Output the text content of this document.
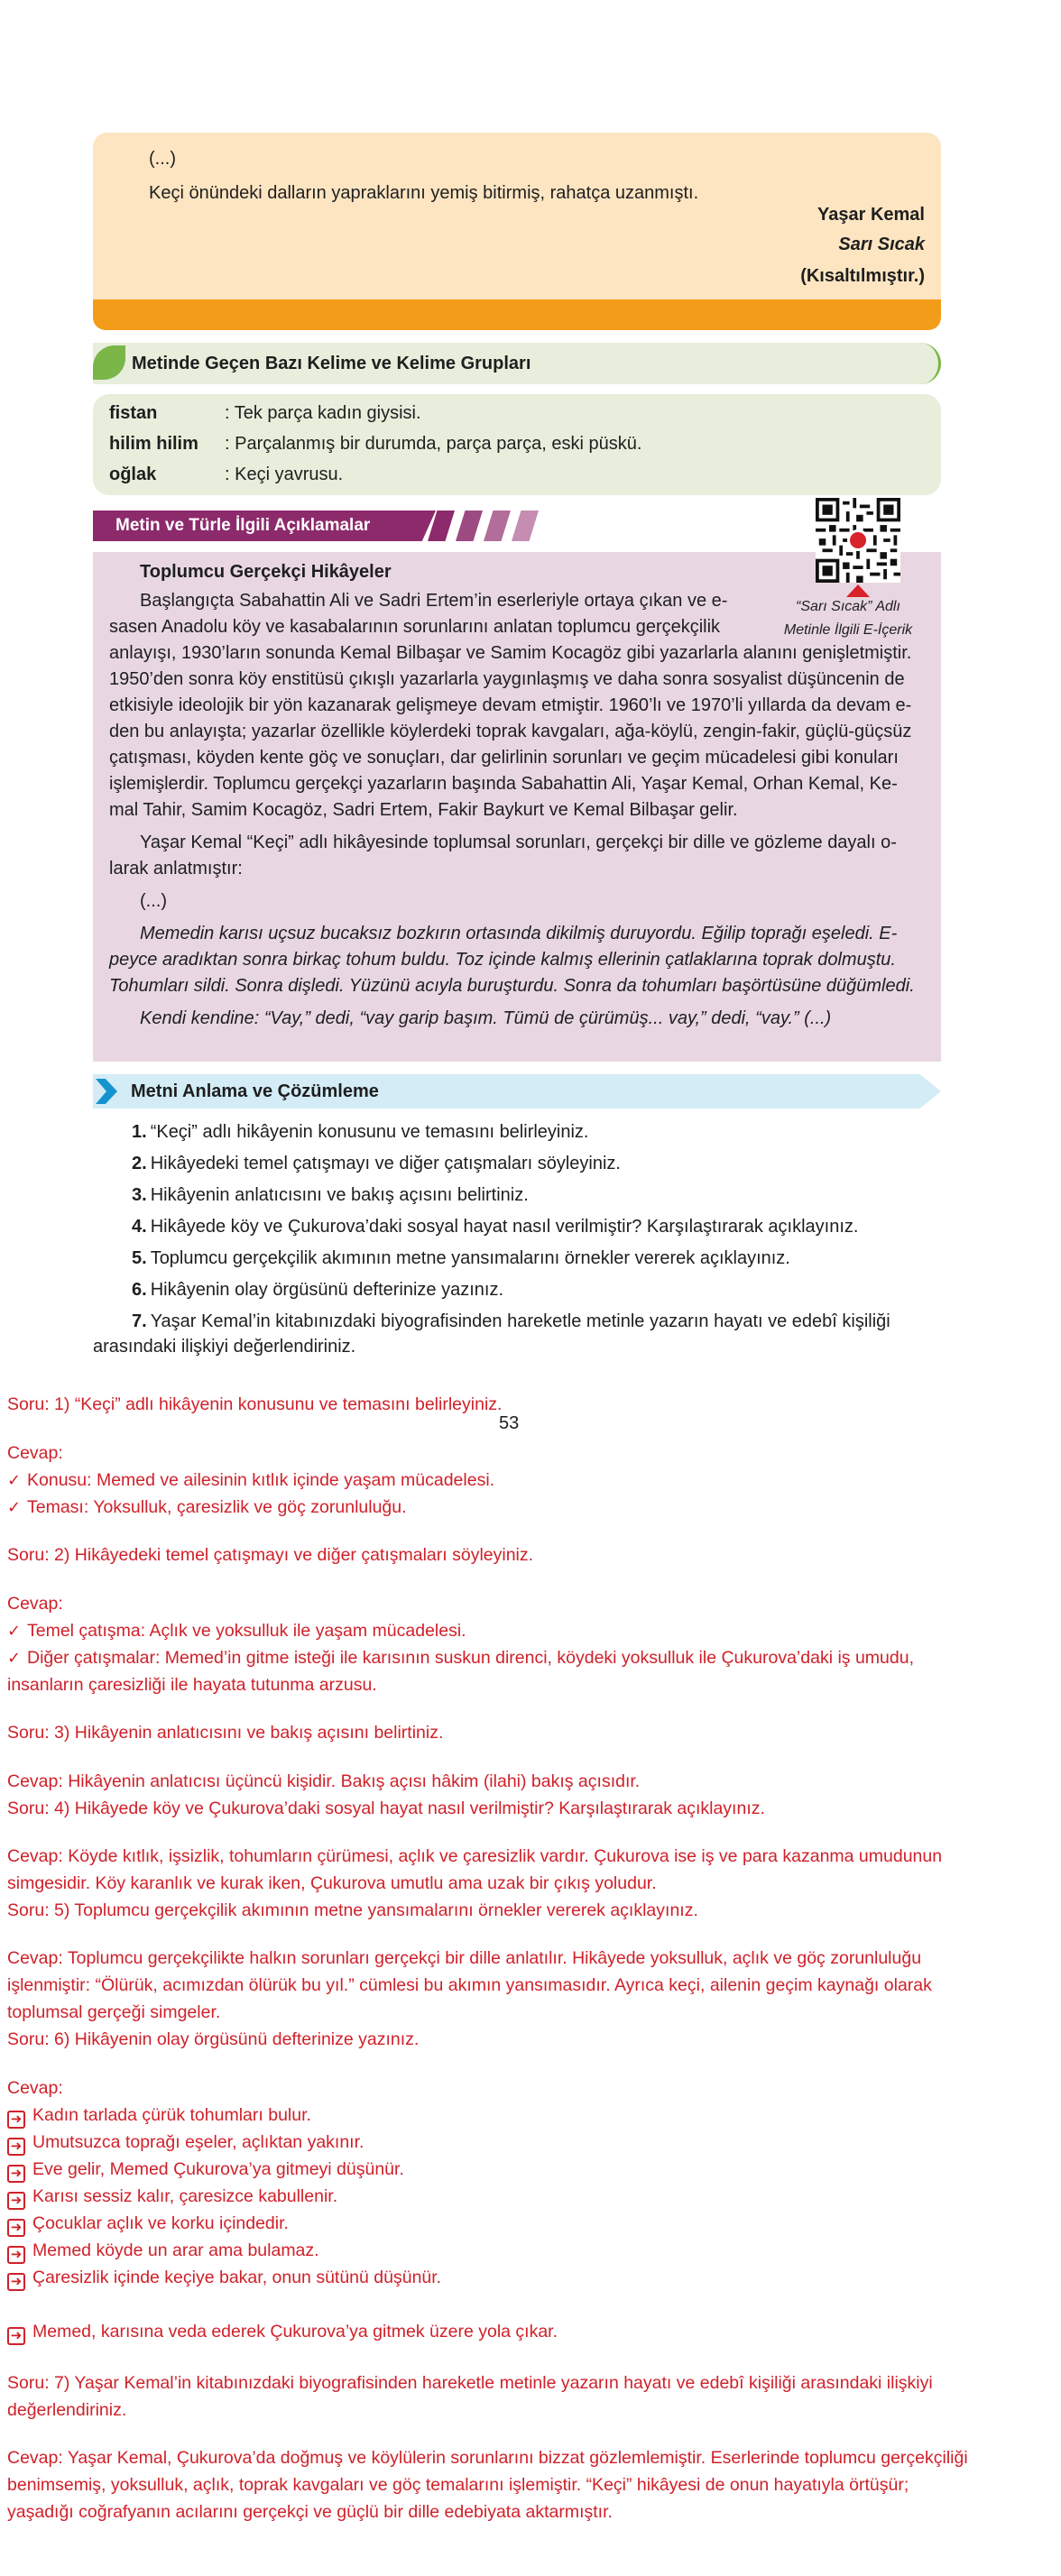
(...)
Keçi önündeki dalların yapraklarını yemiş bitirmiş, rahatça uzanmıştı.
Yaşar Kemal
Sarı Sıcak
(Kısaltılmıştır.)
Metinde Geçen Bazı Kelime ve Kelime Grupları
fistan	: Tek parça kadın giysisi.
hilim hilim : Parçalanmış bir durumda, parça parça, eski püskü.
oğlak	: Keçi yavrusu.
Toplumcu Gerçekçi Hikâyeler
Başlangıçta Sabahattin Ali ve Sadri Ertem’in eserleriyle ortaya çıkan ve e-
sasen Anadolu köy ve kasabalarının sorunlarını anlatan toplumcu gerçekçilik
anlayışı, 1930’ların sonunda Kemal Bilbaşar ve Samim Kocagöz gibi yazarlarla alanını genişletmiştir.
1950’den sonra köy enstitüsü çıkışlı yazarlarla yaygınlaşmış ve daha sonra sosyalist düşüncenin de
etkisiyle ideolojik bir yön kazanarak gelişmeye devam etmiştir. 1960’lı ve 1970’li yıllarda da devam e-
den bu anlayışta; yazarlar özellikle köylerdeki toprak kavgaları, ağa-köylü, zengin-fakir, güçlü-güçsüz
çatışması, köyden kente göç ve sonuçları, dar gelirlinin sorunları ve geçim mücadelesi gibi konuları
işlemişlerdir. Toplumcu gerçekçi yazarların başında Sabahattin Ali, Yaşar Kemal, Orhan Kemal, Ke-
mal Tahir, Samim Kocagöz, Sadri Ertem, Fakir Baykurt ve Kemal Bilbaşar gelir.
Yaşar Kemal “Keçi” adlı hikâyesinde toplumsal sorunları, gerçekçi bir dille ve gözleme dayalı o-
larak anlatmıştır:
(...)
Memedin karısı uçsuz bucaksız bozkırın ortasında dikilmiş duruyordu. Eğilip toprağı eşeledi. E-
peyce aradıktan sonra birkaç tohum buldu. Toz içinde kalmış ellerinin çatlaklarına toprak dolmuştu.
Tohumları sildi. Sonra dişledi. Yüzünü acıyla buruşturdu. Sonra da tohumları başörtüsüne düğümledi.
Kendi kendine: “Vay,” dedi, “vay garip başım. Tümü de çürümüş... vay,” dedi, “vay.” (...)
Metin ve Türle İlgili Açıklamalar
“Sarı Sıcak” Adlı
Metinle İlgili E-İçerik
Metni Anlama ve Çözümleme
1. “Keçi” adlı hikâyenin konusunu ve temasını belirleyiniz.
2. Hikâyedeki temel çatışmayı ve diğer çatışmaları söyleyiniz.
3. Hikâyenin anlatıcısını ve bakış açısını belirtiniz.
4. Hikâyede köy ve Çukurova’daki sosyal hayat nasıl verilmiştir? Karşılaştırarak açıklayınız.
5. Toplumcu gerçekçilik akımının metne yansımalarını örnekler vererek açıklayınız.
6. Hikâyenin olay örgüsünü defterinize yazınız.
7. Yaşar Kemal’in kitabınızdaki biyografisinden hareketle metinle yazarın hayatı ve edebî kişiliği
arasındaki ilişkiyi değerlendiriniz.
Soru: 1) “Keçi” adlı hikâyenin konusunu ve temasını belirleyiniz.
53
Cevap:
✓ Konusu: Memed ve ailesinin kıtlık içinde yaşam mücadelesi.
✓ Teması: Yoksulluk, çaresizlik ve göç zorunluluğu.
Soru: 2) Hikâyedeki temel çatışmayı ve diğer çatışmaları söyleyiniz.
Cevap:
✓ Temel çatışma: Açlık ve yoksulluk ile yaşam mücadelesi.
✓ Diğer çatışmalar: Memed’in gitme isteği ile karısının suskun direnci, köydeki yoksulluk ile Çukurova’daki iş umudu,
insanların çaresizliği ile hayata tutunma arzusu.
Soru: 3) Hikâyenin anlatıcısını ve bakış açısını belirtiniz.
Cevap: Hikâyenin anlatıcısı üçüncü kişidir. Bakış açısı hâkim (ilahi) bakış açısıdır.
Soru: 4) Hikâyede köy ve Çukurova’daki sosyal hayat nasıl verilmiştir? Karşılaştırarak açıklayınız.
Cevap: Köyde kıtlık, işsizlik, tohumların çürümesi, açlık ve çaresizlik vardır. Çukurova ise iş ve para kazanma umudunun
simgesidir. Köy karanlık ve kurak iken, Çukurova umutlu ama uzak bir çıkış yoludur.
Soru: 5) Toplumcu gerçekçilik akımının metne yansımalarını örnekler vererek açıklayınız.
Cevap: Toplumcu gerçekçilikte halkın sorunları gerçekçi bir dille anlatılır. Hikâyede yoksulluk, açlık ve göç zorunluluğu
işlenmiştir: “Ölürük, acımızdan ölürük bu yıl.” cümlesi bu akımın yansımasıdır. Ayrıca keçi, ailenin geçim kaynağı olarak
toplumsal gerçeği simgeler.
Soru: 6) Hikâyenin olay örgüsünü defterinize yazınız.
Cevap:
➜ Kadın tarlada çürük tohumları bulur.
➜ Umutsuzca toprağı eşeler, açlıktan yakınır.
➜ Eve gelir, Memed Çukurova’ya gitmeyi düşünür.
➜ Karısı sessiz kalır, çaresizce kabullenir.
➜ Çocuklar açlık ve korku içindedir.
➜ Memed köyde un arar ama bulamaz.
➜ Çaresizlik içinde keçiye bakar, onun sütünü düşünür.
➜ Memed, karısına veda ederek Çukurova’ya gitmek üzere yola çıkar.
Soru: 7) Yaşar Kemal’in kitabınızdaki biyografisinden hareketle metinle yazarın hayatı ve edebî kişiliği arasındaki ilişkiyi
değerlendiriniz.
Cevap: Yaşar Kemal, Çukurova’da doğmuş ve köylülerin sorunlarını bizzat gözlemlemiştir. Eserlerinde toplumcu gerçekçiliği
benimsemiş, yoksulluk, açlık, toprak kavgaları ve göç temalarını işlemiştir. “Keçi” hikâyesi de onun hayatıyla örtüşür;
yaşadığı coğrafyanın acılarını gerçekçi ve güçlü bir dille edebiyata aktarmıştır.
